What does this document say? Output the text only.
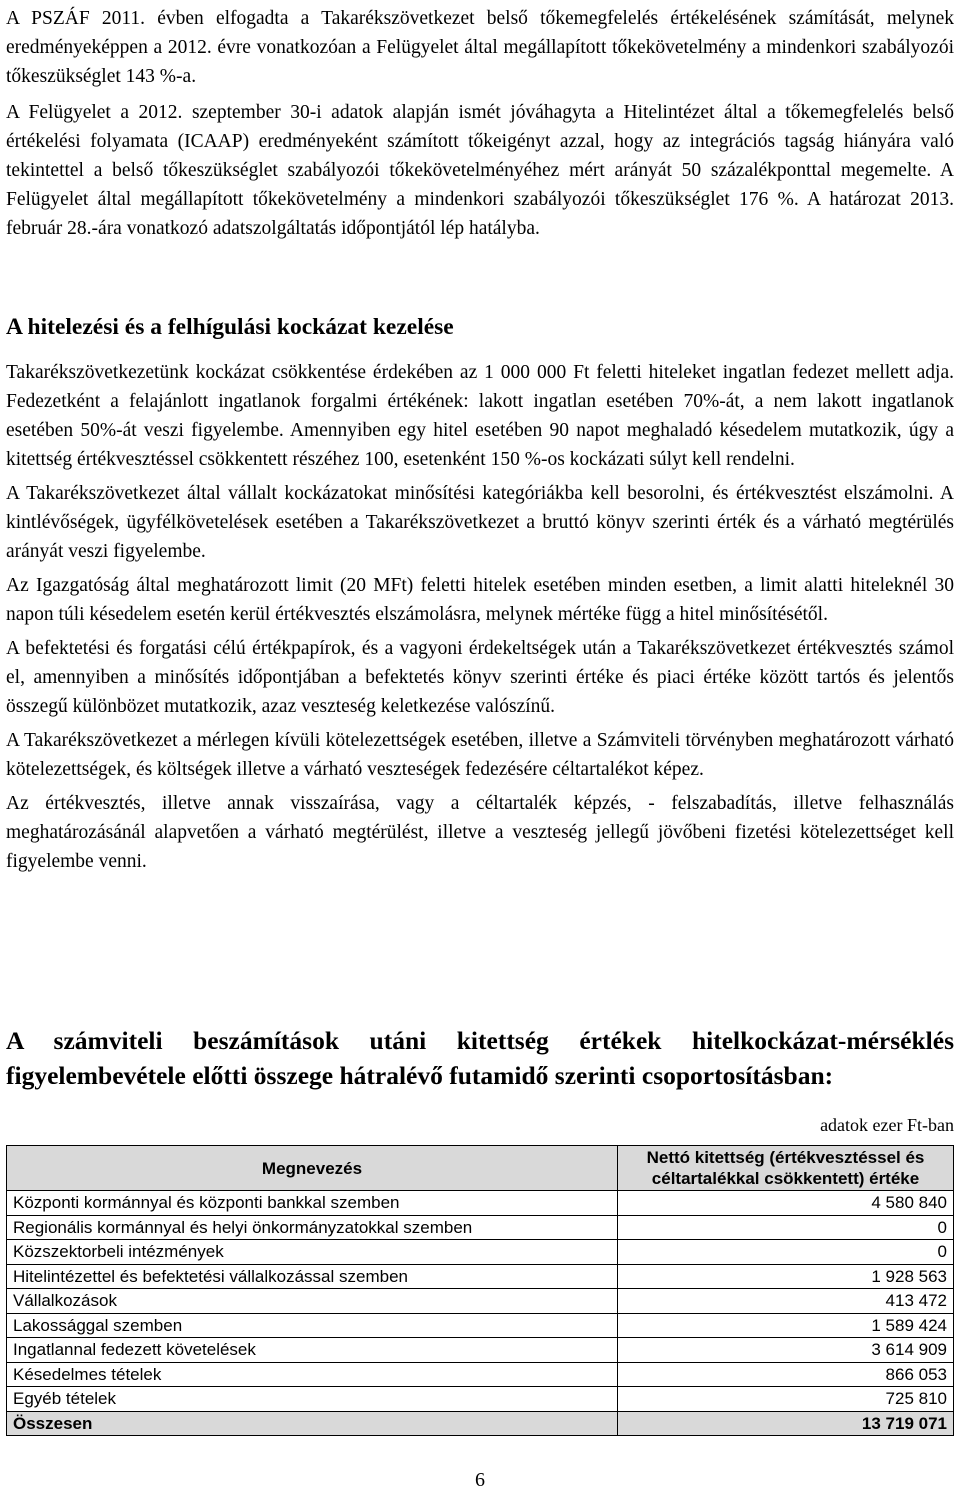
A PSZÁF 2011. évben elfogadta a Takarékszövetkezet belső tőkemegfelelés értékelésének számítását, melynek eredményeképpen a 2012. évre vonatkozóan a Felügyelet által megállapított tőkekövetelmény a mindenkori szabályozói tőkeszükséglet 143 %-a.

A Felügyelet a 2012. szeptember 30-i adatok alapján ismét jóváhagyta a Hitelintézet által a tőkemegfelelés belső értékelési folyamata (ICAAP) eredményeként számított tőkeigényt azzal, hogy az integrációs tagság hiányára való tekintettel a belső tőkeszükséglet szabályozói tőkekövetelményéhez mért arányát 50 százalékponttal megemelte. A Felügyelet által megállapított tőkekövetelmény a mindenkori szabályozói tőkeszükséglet 176 %. A határozat 2013. február 28.-ára vonatkozó adatszolgáltatás időpontjától lép hatályba.

A hitelezési és a felhígulási kockázat kezelése

Takarékszövetkezetünk kockázat csökkentése érdekében az 1 000 000 Ft feletti hiteleket ingatlan fedezet mellett adja. Fedezetként a felajánlott ingatlanok forgalmi értékének: lakott ingatlan esetében 70%-át, a nem lakott ingatlanok esetében 50%-át veszi figyelembe. Amennyiben egy hitel esetében 90 napot meghaladó késedelem mutatkozik, úgy a kitettség értékvesztéssel csökkentett részéhez 100, esetenként 150 %-os kockázati súlyt kell rendelni.

A Takarékszövetkezet által vállalt kockázatokat minősítési kategóriákba kell besorolni, és értékvesztést elszámolni. A kintlévőségek, ügyfélkövetelések esetében a Takarékszövetkezet a bruttó könyv szerinti érték és a várható megtérülés arányát veszi figyelembe.

Az Igazgatóság által meghatározott limit (20 MFt) feletti hitelek esetében minden esetben, a limit alatti hiteleknél 30 napon túli késedelem esetén kerül értékvesztés elszámolásra, melynek mértéke függ a hitel minősítésétől.

A befektetési és forgatási célú értékpapírok, és a vagyoni érdekeltségek után a Takarékszövetkezet értékvesztés számol el, amennyiben a minősítés időpontjában a befektetés könyv szerinti értéke és piaci értéke között tartós és jelentős összegű különbözet mutatkozik, azaz veszteség keletkezése valószínű.

A Takarékszövetkezet a mérlegen kívüli kötelezettségek esetében, illetve a Számviteli törvényben meghatározott várható kötelezettségek, és költségek illetve a várható veszteségek fedezésére céltartalékot képez.

Az értékvesztés, illetve annak visszaírása, vagy a céltartalék képzés, - felszabadítás, illetve felhasználás meghatározásánál alapvetően a várható megtérülést, illetve a veszteség jellegű jövőbeni fizetési kötelezettséget kell figyelembe venni.

A számviteli beszámítások utáni kitettség értékek hitelkockázat-mérséklés figyelembevétele előtti összege hátralévő futamidő szerinti csoportosításban:
adatok ezer Ft-ban
Megnevezés	Nettó kitettség (értékvesztéssel és céltartalékkal csökkentett) értéke
Központi kormánnyal és központi bankkal szemben	4 580 840
Regionális kormánnyal és helyi önkormányzatokkal szemben	0
Közszektorbeli intézmények	0
Hitelintézettel és befektetési vállalkozással szemben	1 928 563
Vállalkozások	413 472
Lakossággal szemben	1 589 424
Ingatlannal fedezett követelések	3 614 909
Késedelmes tételek	866 053
Egyéb tételek	725 810
Összesen	13 719 071
6
